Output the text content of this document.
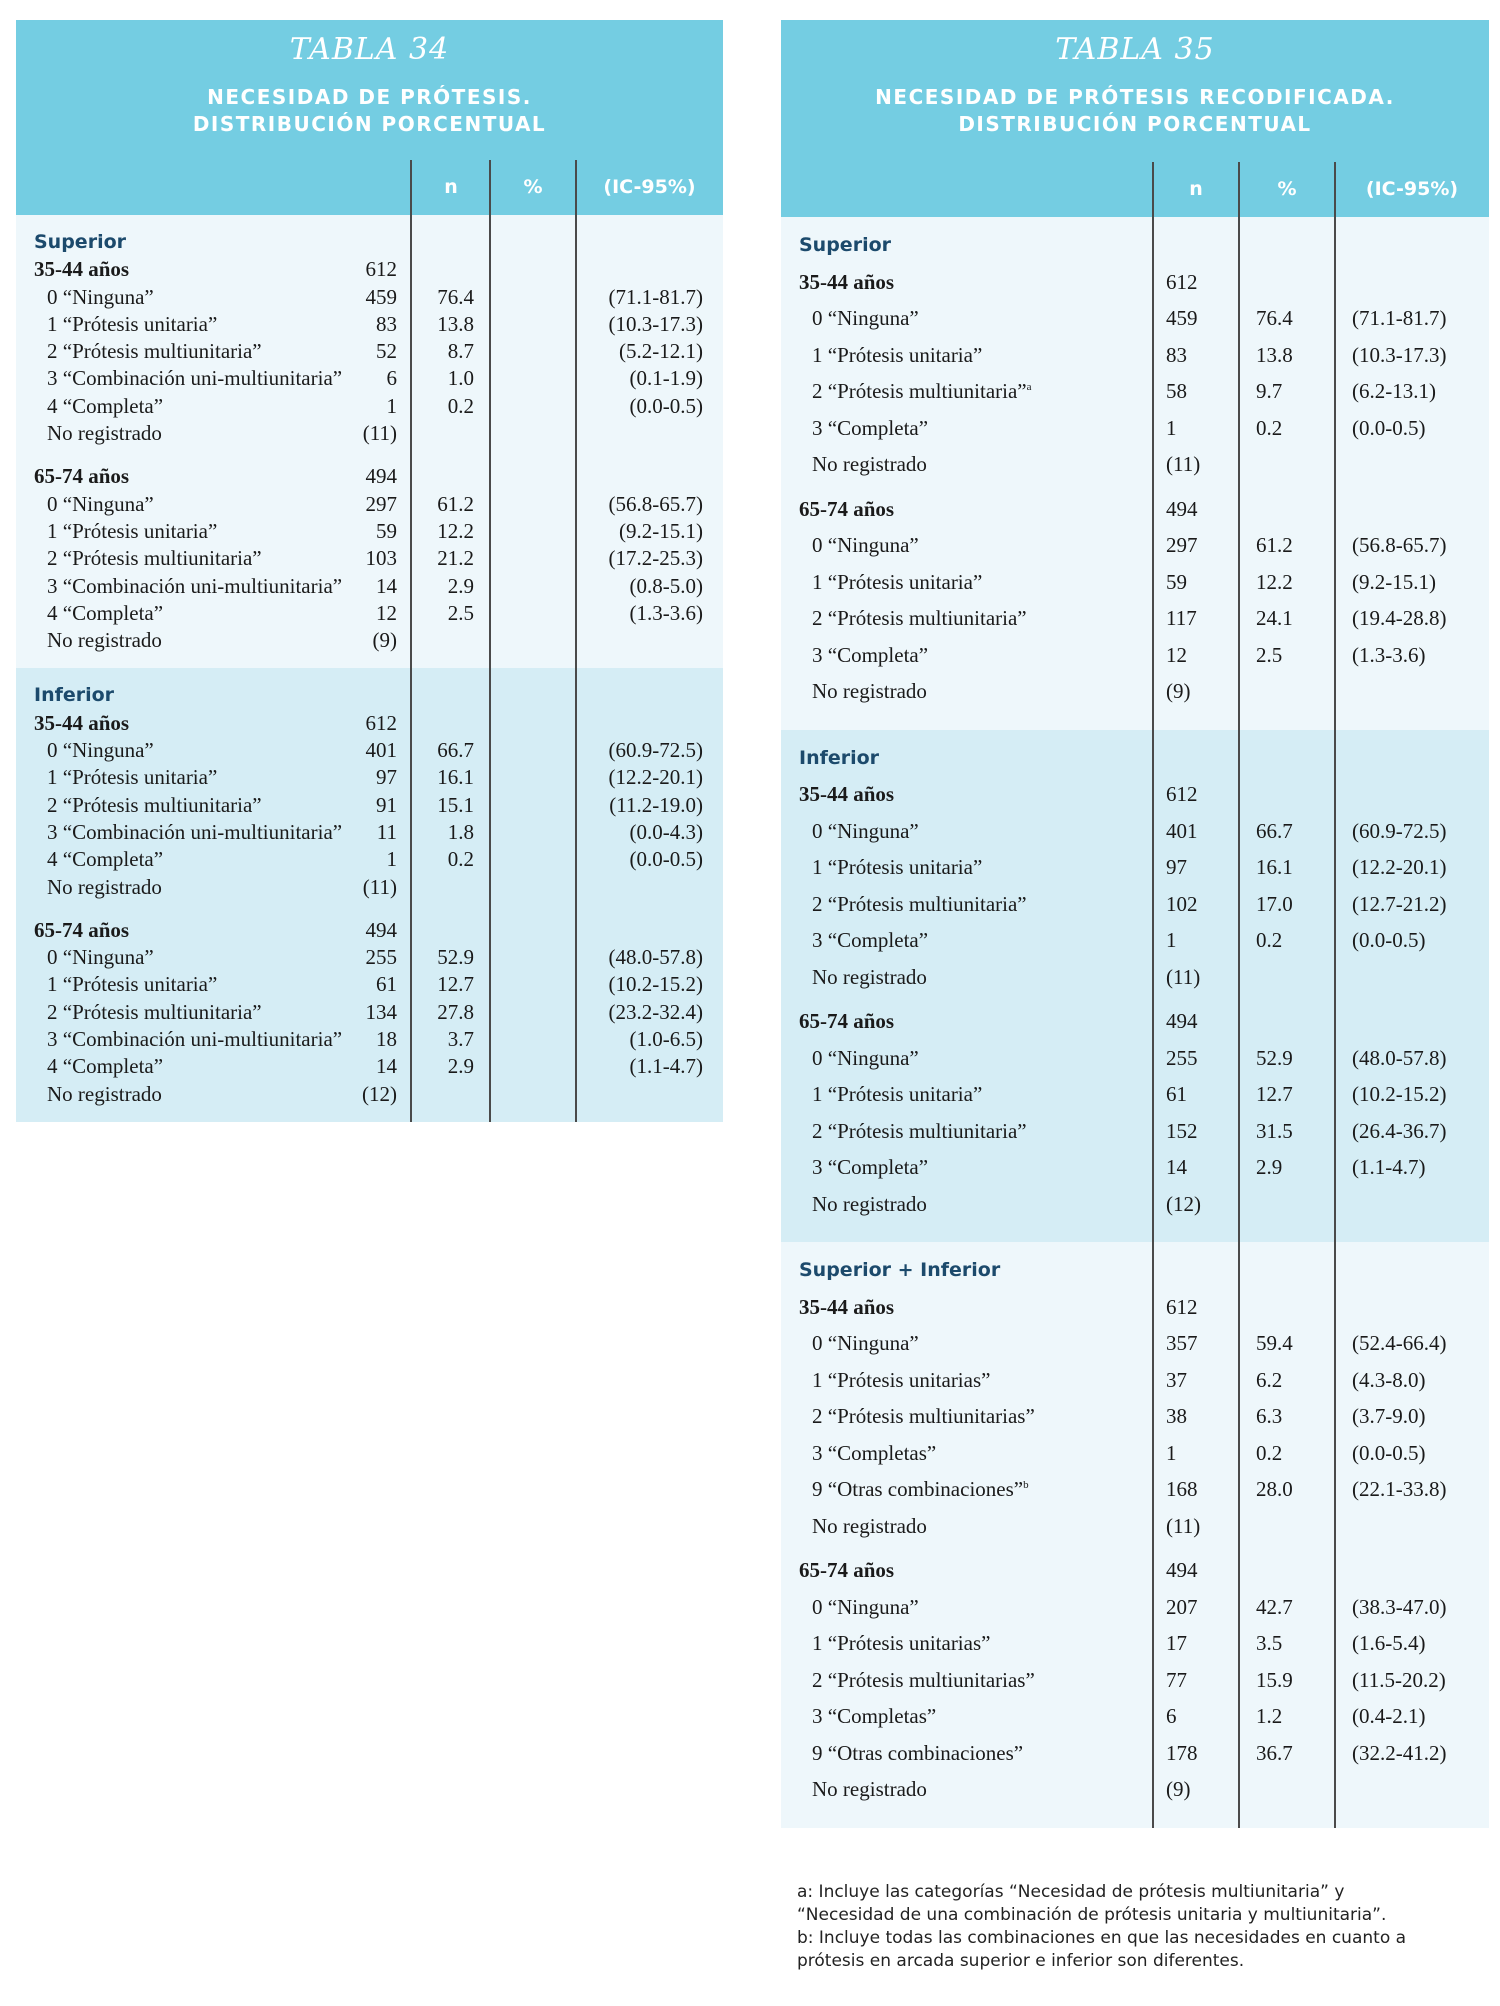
TABLA 34
NECESIDAD DE PRÓTESIS.
DISTRIBUCIÓN PORCENTUAL
n	%	(IC-95%)
Superior
35-44 años	612
0 “Ninguna”	459	76.4	(71.1-81.7)
1 “Prótesis unitaria”	83	13.8	(10.3-17.3)
2 “Prótesis multiunitaria”	52	8.7	(5.2-12.1)
3 “Combinación uni-multiunitaria”	6	1.0	(0.1-1.9)
4 “Completa”	1	0.2	(0.0-0.5)
No registrado	(11)
65-74 años	494
0 “Ninguna”	297	61.2	(56.8-65.7)
1 “Prótesis unitaria”	59	12.2	(9.2-15.1)
2 “Prótesis multiunitaria”	103	21.2	(17.2-25.3)
3 “Combinación uni-multiunitaria”	14	2.9	(0.8-5.0)
4 “Completa”	12	2.5	(1.3-3.6)
No registrado	(9)
Inferior
35-44 años	612
0 “Ninguna”	401	66.7	(60.9-72.5)
1 “Prótesis unitaria”	97	16.1	(12.2-20.1)
2 “Prótesis multiunitaria”	91	15.1	(11.2-19.0)
3 “Combinación uni-multiunitaria”	11	1.8	(0.0-4.3)
4 “Completa”	1	0.2	(0.0-0.5)
No registrado	(11)
65-74 años	494
0 “Ninguna”	255	52.9	(48.0-57.8)
1 “Prótesis unitaria”	61	12.7	(10.2-15.2)
2 “Prótesis multiunitaria”	134	27.8	(23.2-32.4)
3 “Combinación uni-multiunitaria”	18	3.7	(1.0-6.5)
4 “Completa”	14	2.9	(1.1-4.7)
No registrado	(12)
TABLA 35
NECESIDAD DE PRÓTESIS RECODIFICADA.
DISTRIBUCIÓN PORCENTUAL
n	%	(IC-95%)
Superior
35-44 años	612
0 “Ninguna”	459	76.4	(71.1-81.7)
1 “Prótesis unitaria”	83	13.8	(10.3-17.3)
2 “Prótesis multiunitaria”$^a$	58	9.7	(6.2-13.1)
3 “Completa”	1	0.2	(0.0-0.5)
No registrado	(11)
65-74 años	494
0 “Ninguna”	297	61.2	(56.8-65.7)
1 “Prótesis unitaria”	59	12.2	(9.2-15.1)
2 “Prótesis multiunitaria”	117	24.1	(19.4-28.8)
3 “Completa”	12	2.5	(1.3-3.6)
No registrado	(9)
Inferior
35-44 años	612
0 “Ninguna”	401	66.7	(60.9-72.5)
1 “Prótesis unitaria”	97	16.1	(12.2-20.1)
2 “Prótesis multiunitaria”	102	17.0	(12.7-21.2)
3 “Completa”	1	0.2	(0.0-0.5)
No registrado	(11)
65-74 años	494
0 “Ninguna”	255	52.9	(48.0-57.8)
1 “Prótesis unitaria”	61	12.7	(10.2-15.2)
2 “Prótesis multiunitaria”	152	31.5	(26.4-36.7)
3 “Completa”	14	2.9	(1.1-4.7)
No registrado	(12)
Superior + Inferior
35-44 años	612
0 “Ninguna”	357	59.4	(52.4-66.4)
1 “Prótesis unitarias”	37	6.2	(4.3-8.0)
2 “Prótesis multiunitarias”	38	6.3	(3.7-9.0)
3 “Completas”	1	0.2	(0.0-0.5)
9 “Otras combinaciones”$^b$	168	28.0	(22.1-33.8)
No registrado	(11)
65-74 años	494
0 “Ninguna”	207	42.7	(38.3-47.0)
1 “Prótesis unitarias”	17	3.5	(1.6-5.4)
2 “Prótesis multiunitarias”	77	15.9	(11.5-20.2)
3 “Completas”	6	1.2	(0.4-2.1)
9 “Otras combinaciones”	178	36.7	(32.2-41.2)
No registrado	(9)
a: Incluye las categorías “Necesidad de prótesis multiunitaria” y
“Necesidad de una combinación de prótesis unitaria y multiunitaria”.
b: Incluye todas las combinaciones en que las necesidades en cuanto a
prótesis en arcada superior e inferior son diferentes.
